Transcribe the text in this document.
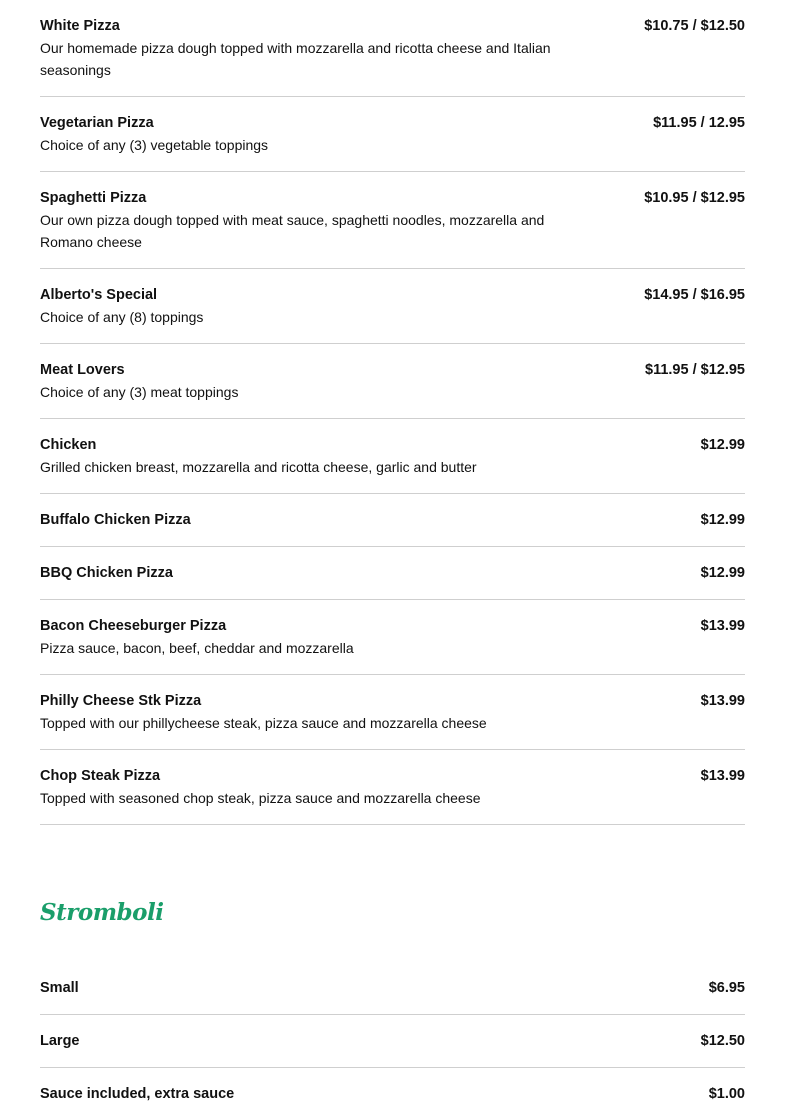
White Pizza	$10.75 / $12.50
Our homemade pizza dough topped with mozzarella and ricotta cheese and Italian seasonings
Vegetarian Pizza	$11.95 / 12.95
Choice of any (3) vegetable toppings
Spaghetti Pizza	$10.95 / $12.95
Our own pizza dough topped with meat sauce, spaghetti noodles, mozzarella and Romano cheese
Alberto's Special	$14.95 / $16.95
Choice of any (8) toppings
Meat Lovers	$11.95 / $12.95
Choice of any (3) meat toppings
Chicken	$12.99
Grilled chicken breast, mozzarella and ricotta cheese, garlic and butter
Buffalo Chicken Pizza	$12.99
BBQ Chicken Pizza	$12.99
Bacon Cheeseburger Pizza	$13.99
Pizza sauce, bacon, beef, cheddar and mozzarella
Philly Cheese Stk Pizza	$13.99
Topped with our phillycheese steak, pizza sauce and mozzarella cheese
Chop Steak Pizza	$13.99
Topped with seasoned chop steak, pizza sauce and mozzarella cheese
Stromboli
Small	$6.95
Large	$12.50
Sauce included, extra sauce	$1.00
